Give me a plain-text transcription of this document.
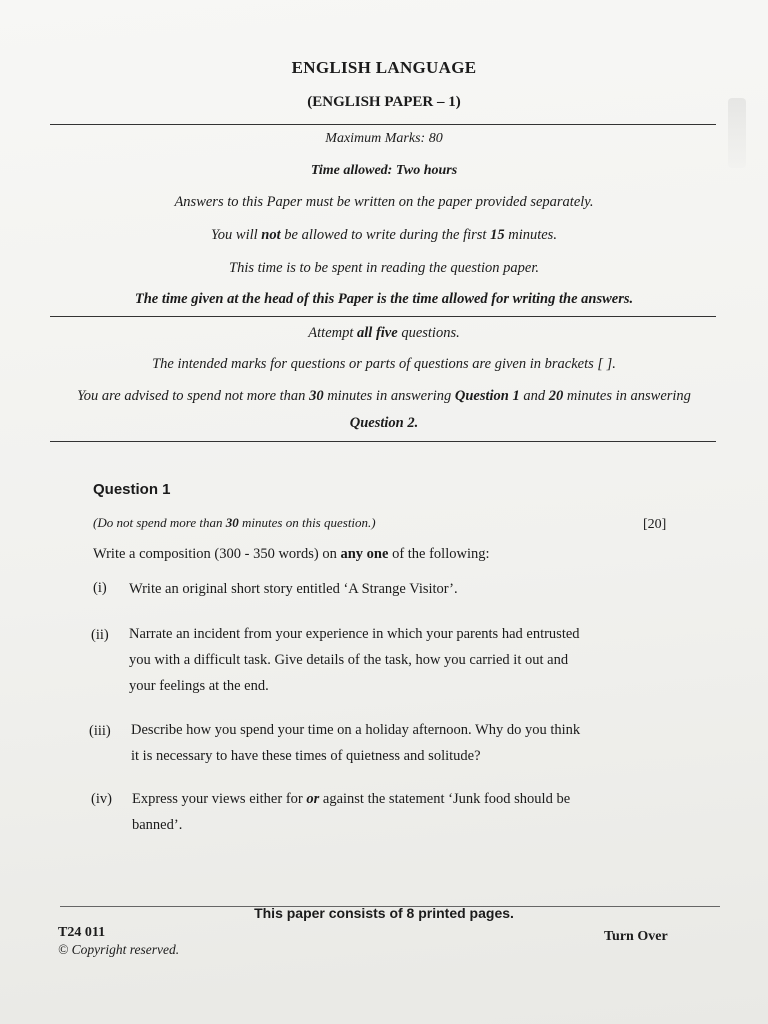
ENGLISH LANGUAGE
(ENGLISH PAPER – 1)
Maximum Marks: 80
Time allowed: Two hours
Answers to this Paper must be written on the paper provided separately.
You will not be allowed to write during the first 15 minutes.
This time is to be spent in reading the question paper.
The time given at the head of this Paper is the time allowed for writing the answers.
Attempt all five questions.
The intended marks for questions or parts of questions are given in brackets [ ].
You are advised to spend not more than 30 minutes in answering Question 1 and 20 minutes in answering
Question 2.
Question 1
(Do not spend more than 30 minutes on this question.)	[20]
Write a composition (300 - 350 words) on any one of the following:
(i) Write an original short story entitled ‘A Strange Visitor’.
(ii) Narrate an incident from your experience in which your parents had entrusted
you with a difficult task. Give details of the task, how you carried it out and
your feelings at the end.
(iii) Describe how you spend your time on a holiday afternoon. Why do you think
it is necessary to have these times of quietness and solitude?
(iv) Express your views either for or against the statement ‘Junk food should be
banned’.
This paper consists of 8 printed pages.
T24 011
© Copyright reserved.
Turn Over
